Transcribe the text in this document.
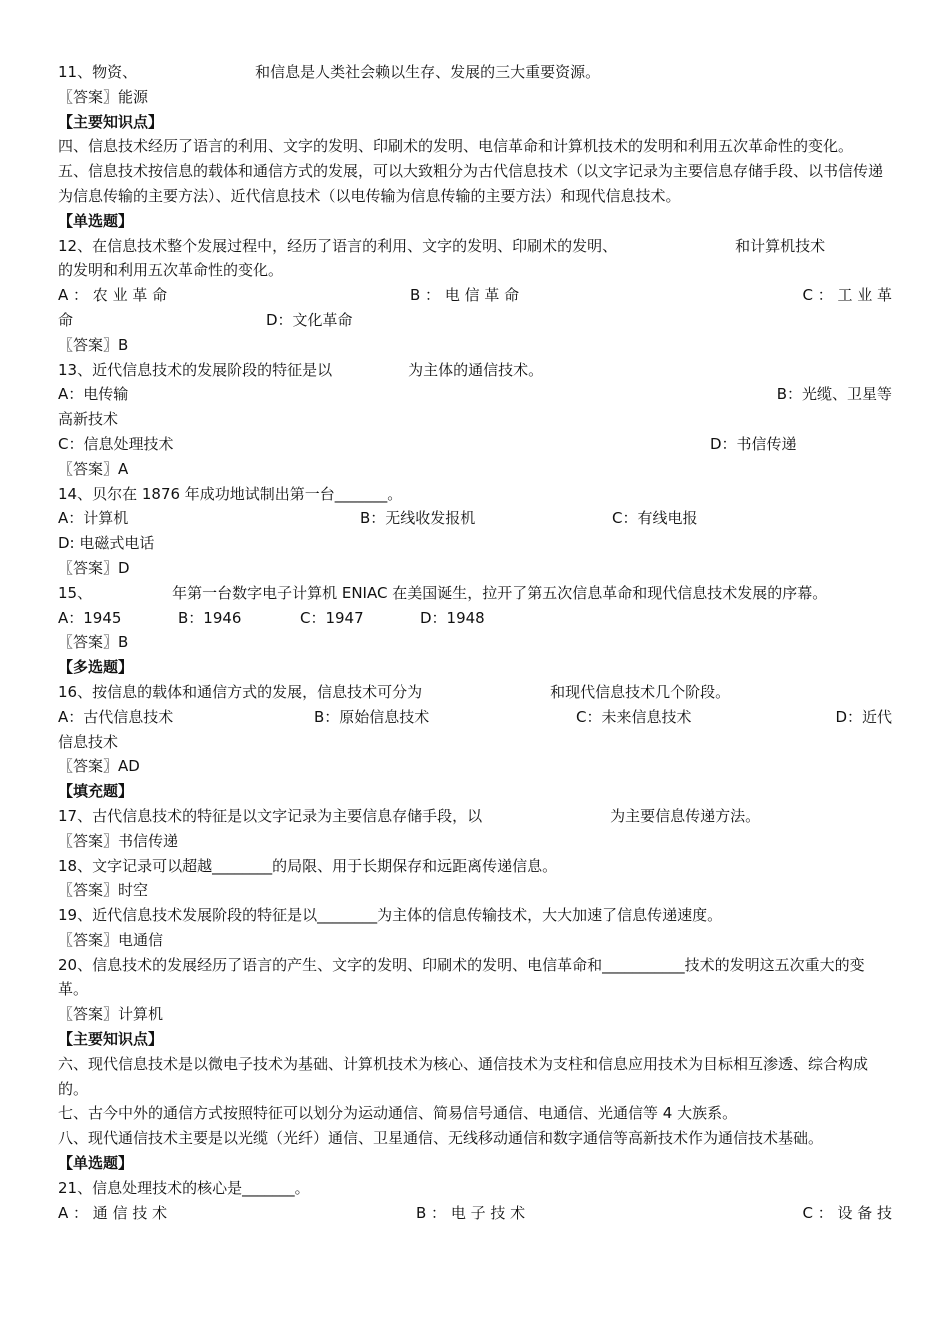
11、物资、	和信息是人类社会赖以生存、发展的三大重要资源。
〖答案〗能源
【主要知识点】
四、信息技术经历了语言的利用、文字的发明、印刷术的发明、电信革命和计算机技术的发明和利用五次革命性的变化。
五、信息技术按信息的载体和通信方式的发展，可以大致粗分为古代信息技术（以文字记录为主要信息存储手段、以书信传递为信息传输的主要方法）、近代信息技术（以电传输为信息传输的主要方法）和现代信息技术。
【单选题】
12、在信息技术整个发展过程中，经历了语言的利用、文字的发明、印刷术的发明、	和计算机技术
的发明和利用五次革命性的变化。
A ： 农 业 革 命	B ： 电 信 革 命	C ： 工 业 革
命	D：文化革命
〖答案〗B
13、近代信息技术的发展阶段的特征是以	为主体的通信技术。
A：电传输	B：光缆、卫星等
高新技术
C：信息处理技术	D：书信传递
〖答案〗A
14、贝尔在 1876 年成功地试制出第一台_______。
A：计算机	B：无线收发报机	C：有线电报
D: 电磁式电话
〖答案〗D
15、	年第一台数字电子计算机 ENIAC 在美国诞生，拉开了第五次信息革命和现代信息技术发展的序幕。
A：1945	B：1946	C：1947	D：1948
〖答案〗B
【多选题】
16、按信息的载体和通信方式的发展，信息技术可分为	和现代信息技术几个阶段。
A：古代信息技术	B：原始信息技术	C：未来信息技术	D：近代
信息技术
〖答案〗AD
【填充题】
17、古代信息技术的特征是以文字记录为主要信息存储手段，以	为主要信息传递方法。
〖答案〗书信传递
18、文字记录可以超越________的局限、用于长期保存和远距离传递信息。
〖答案〗时空
19、近代信息技术发展阶段的特征是以________为主体的信息传输技术，大大加速了信息传递速度。
〖答案〗电通信
20、信息技术的发展经历了语言的产生、文字的发明、印刷术的发明、电信革命和___________技术的发明这五次重大的变革。
〖答案〗计算机
【主要知识点】
六、现代信息技术是以微电子技术为基础、计算机技术为核心、通信技术为支柱和信息应用技术为目标相互渗透、综合构成的。
七、古今中外的通信方式按照特征可以划分为运动通信、简易信号通信、电通信、光通信等 4 大族系。
八、现代通信技术主要是以光缆（光纤）通信、卫星通信、无线移动通信和数字通信等高新技术作为通信技术基础。
【单选题】
21、信息处理技术的核心是_______。
A ： 通 信 技 术	B ： 电 子 技 术	C ： 设 备 技
